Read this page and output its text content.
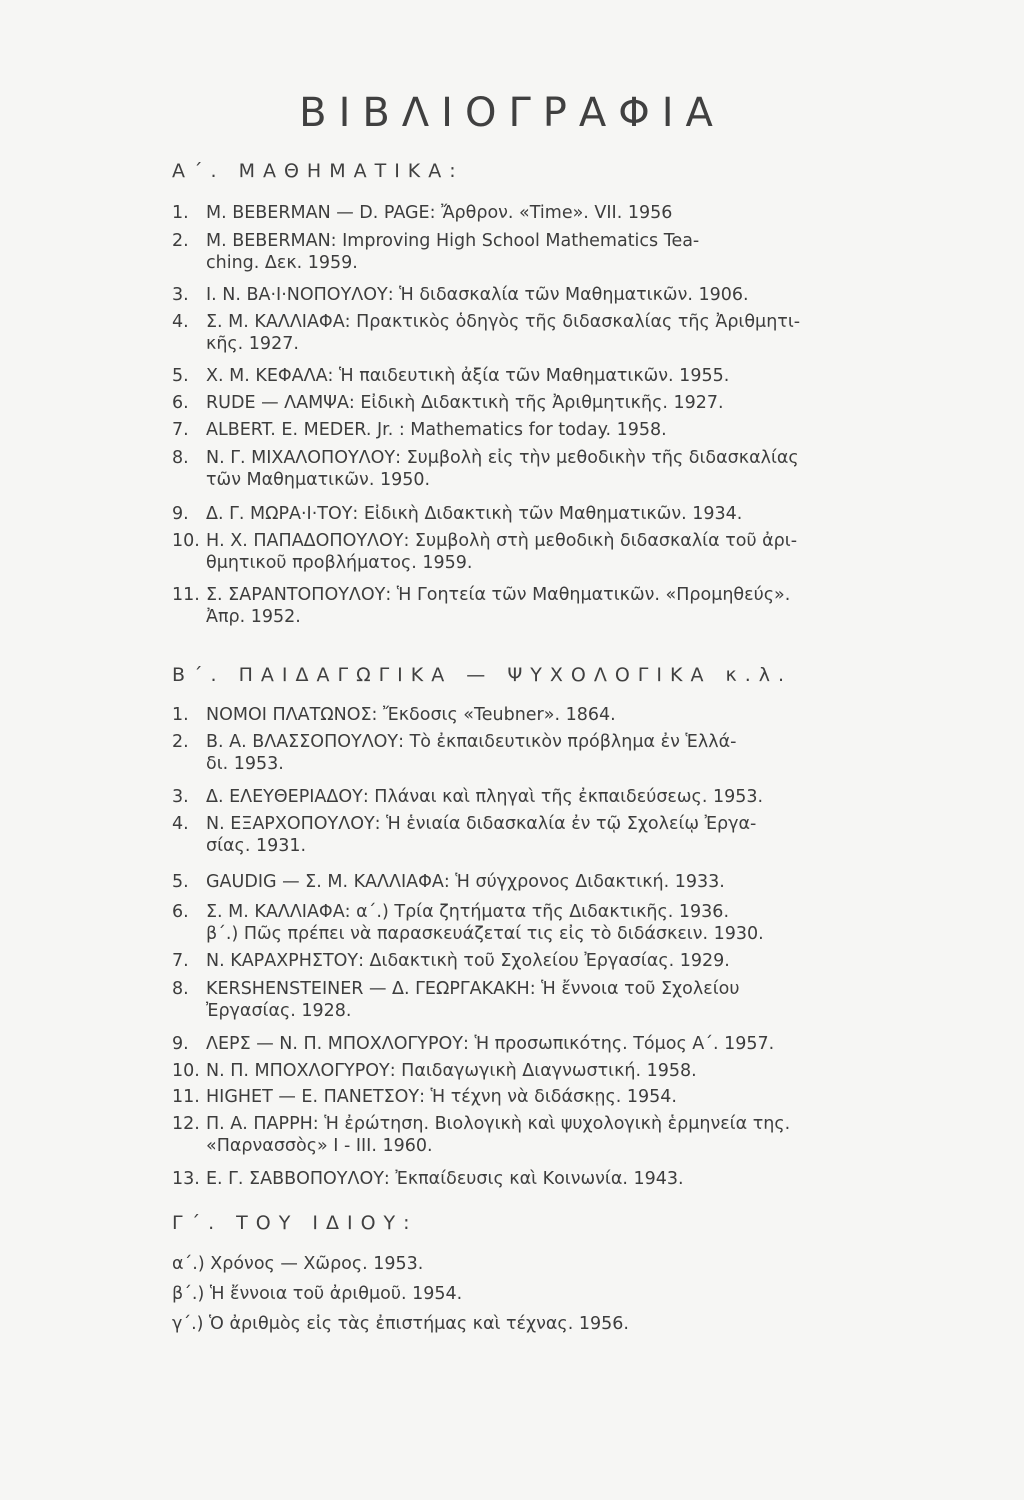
ΒΙΒΛΙΟΓΡΑΦΙΑ
Α΄. ΜΑΘΗΜΑΤΙΚΑ:
1. M. BEBERMAN — D. PAGE: Ἄρθρον. «Time». VII. 1956
2. M. BEBERMAN: Improving High School Mathematics Tea-
ching. Δεκ. 1959.
3. Ι. Ν. ΒΑ·Ι·ΝΟΠΟΥΛΟΥ: Ἡ διδασκαλία τῶν Μαθηματικῶν. 1906.
4. Σ. Μ. ΚΑΛΛΙΑΦΑ: Πρακτικὸς ὁδηγὸς τῆς διδασκαλίας τῆς Ἀριθμητι-
κῆς. 1927.
5. Χ. Μ. ΚΕΦΑΛΑ: Ἡ παιδευτικὴ ἀξία τῶν Μαθηματικῶν. 1955.
6. RUDE — ΛΑΜΨΑ: Εἰδικὴ Διδακτικὴ τῆς Ἀριθμητικῆς. 1927.
7. ALBERT. E. MEDER. Jr. : Mathematics for today. 1958.
8. Ν. Γ. ΜΙΧΑΛΟΠΟΥΛΟΥ: Συμβολὴ εἰς τὴν μεθοδικὴν τῆς διδασκαλίας
τῶν Μαθηματικῶν. 1950.
9. Δ. Γ. ΜΩΡΑ·Ι·ΤΟΥ: Εἰδικὴ Διδακτικὴ τῶν Μαθηματικῶν. 1934.
10. Η. Χ. ΠΑΠΑΔΟΠΟΥΛΟΥ: Συμβολὴ στὴ μεθοδικὴ διδασκαλία τοῦ ἀρι-
θμητικοῦ προβλήματος. 1959.
11. Σ. ΣΑΡΑΝΤΟΠΟΥΛΟΥ: Ἡ Γοητεία τῶν Μαθηματικῶν. «Προμηθεύς».
Ἀπρ. 1952.
Β΄. ΠΑΙΔΑΓΩΓΙΚΑ — ΨΥΧΟΛΟΓΙΚΑ κ.λ.
1. ΝΟΜΟΙ ΠΛΑΤΩΝΟΣ: Ἔκδοσις «Teubner». 1864.
2. Β. Α. ΒΛΑΣΣΟΠΟΥΛΟΥ: Τὸ ἐκπαιδευτικὸν πρόβλημα ἐν Ἑλλά-
δι. 1953.
3. Δ. ΕΛΕΥΘΕΡΙΑΔΟΥ: Πλάναι καὶ πληγαὶ τῆς ἐκπαιδεύσεως. 1953.
4. Ν. ΕΞΑΡΧΟΠΟΥΛΟΥ: Ἡ ἑνιαία διδασκαλία ἐν τῷ Σχολείῳ Ἐργα-
σίας. 1931.
5. GAUDIG — Σ. Μ. ΚΑΛΛΙΑΦΑ: Ἡ σύγχρονος Διδακτική. 1933.
6. Σ. Μ. ΚΑΛΛΙΑΦΑ: α΄.) Τρία ζητήματα τῆς Διδακτικῆς. 1936.
β΄.) Πῶς πρέπει νὰ παρασκευάζεταί τις εἰς τὸ διδάσκειν. 1930.
7. Ν. ΚΑΡΑΧΡΗΣΤΟΥ: Διδακτικὴ τοῦ Σχολείου Ἐργασίας. 1929.
8. KERSHENSTEINER — Δ. ΓΕΩΡΓΑΚΑΚΗ: Ἡ ἔννοια τοῦ Σχολείου
Ἐργασίας. 1928.
9. ΛΕΡΣ — Ν. Π. ΜΠΟΧΛΟΓΥΡΟΥ: Ἡ προσωπικότης. Τόμος Α΄. 1957.
10. Ν. Π. ΜΠΟΧΛΟΓΥΡΟΥ: Παιδαγωγικὴ Διαγνωστική. 1958.
11. HIGHET — Ε. ΠΑΝΕΤΣΟΥ: Ἡ τέχνη νὰ διδάσκῃς. 1954.
12. Π. Α. ΠΑΡΡΗ: Ἡ ἐρώτηση. Βιολογικὴ καὶ ψυχολογικὴ ἑρμηνεία της.
«Παρνασσὸς» Ι - ΙΙΙ. 1960.
13. Ε. Γ. ΣΑΒΒΟΠΟΥΛΟΥ: Ἐκπαίδευσις καὶ Κοινωνία. 1943.
Γ΄. ΤΟΥ ΙΔΙΟΥ:
α΄.) Χρόνος — Χῶρος. 1953.
β΄.) Ἡ ἔννοια τοῦ ἀριθμοῦ. 1954.
γ΄.) Ὁ ἀριθμὸς εἰς τὰς ἐπιστήμας καὶ τέχνας. 1956.
